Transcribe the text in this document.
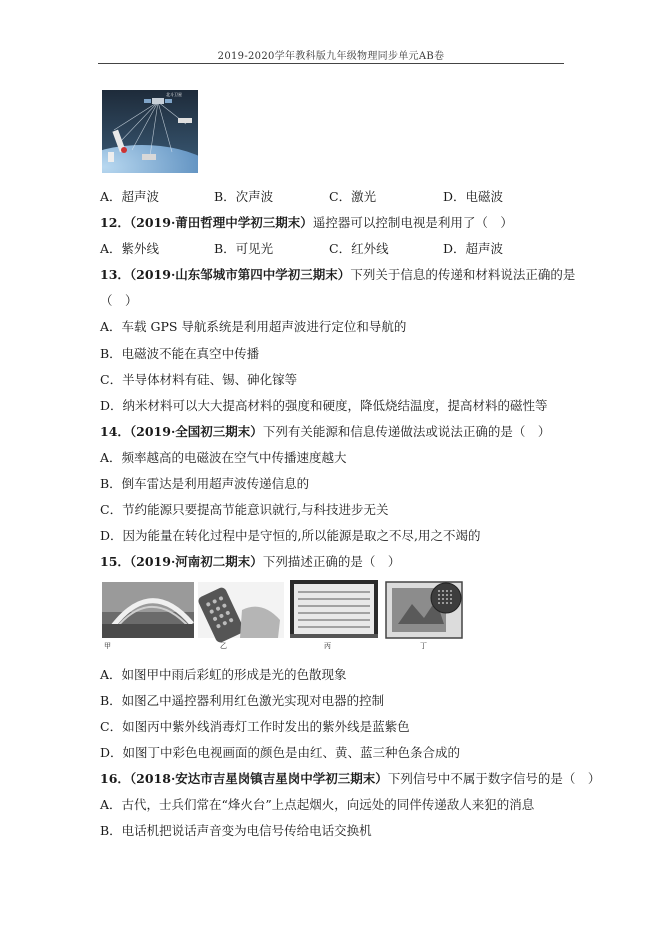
2019-2020学年教科版九年级物理同步单元AB卷
北斗卫星
A．超声波	B．次声波	C．激光	D．电磁波
12．（2019·莆田哲理中学初三期末）遥控器可以控制电视是利用了（　）
A．紫外线	B．可见光	C．红外线	D．超声波
13．（2019·山东邹城市第四中学初三期末）下列关于信息的传递和材料说法正确的是
（　）
A．车载 GPS 导航系统是利用超声波进行定位和导航的
B．电磁波不能在真空中传播
C．半导体材料有硅、锡、砷化镓等
D．纳米材料可以大大提高材料的强度和硬度，降低烧结温度，提高材料的磁性等
14．（2019·全国初三期末）下列有关能源和信息传递做法或说法正确的是（　）
A．频率越高的电磁波在空气中传播速度越大
B．倒车雷达是利用超声波传递信息的
C．节约能源只要提高节能意识就行,与科技进步无关
D．因为能量在转化过程中是守恒的,所以能源是取之不尽,用之不竭的
15．（2019·河南初二期末）下列描述正确的是（　）
甲	乙	丙	丁
A．如图甲中雨后彩虹的形成是光的色散现象
B．如图乙中遥控器利用红色激光实现对电器的控制
C．如图丙中紫外线消毒灯工作时发出的紫外线是蓝紫色
D．如图丁中彩色电视画面的颜色是由红、黄、蓝三种色条合成的
16．（2018·安达市吉星岗镇吉星岗中学初三期末）下列信号中不属于数字信号的是（　）
A．古代，士兵们常在“烽火台”上点起烟火，向远处的同伴传递敌人来犯的消息
B．电话机把说话声音变为电信号传给电话交换机
